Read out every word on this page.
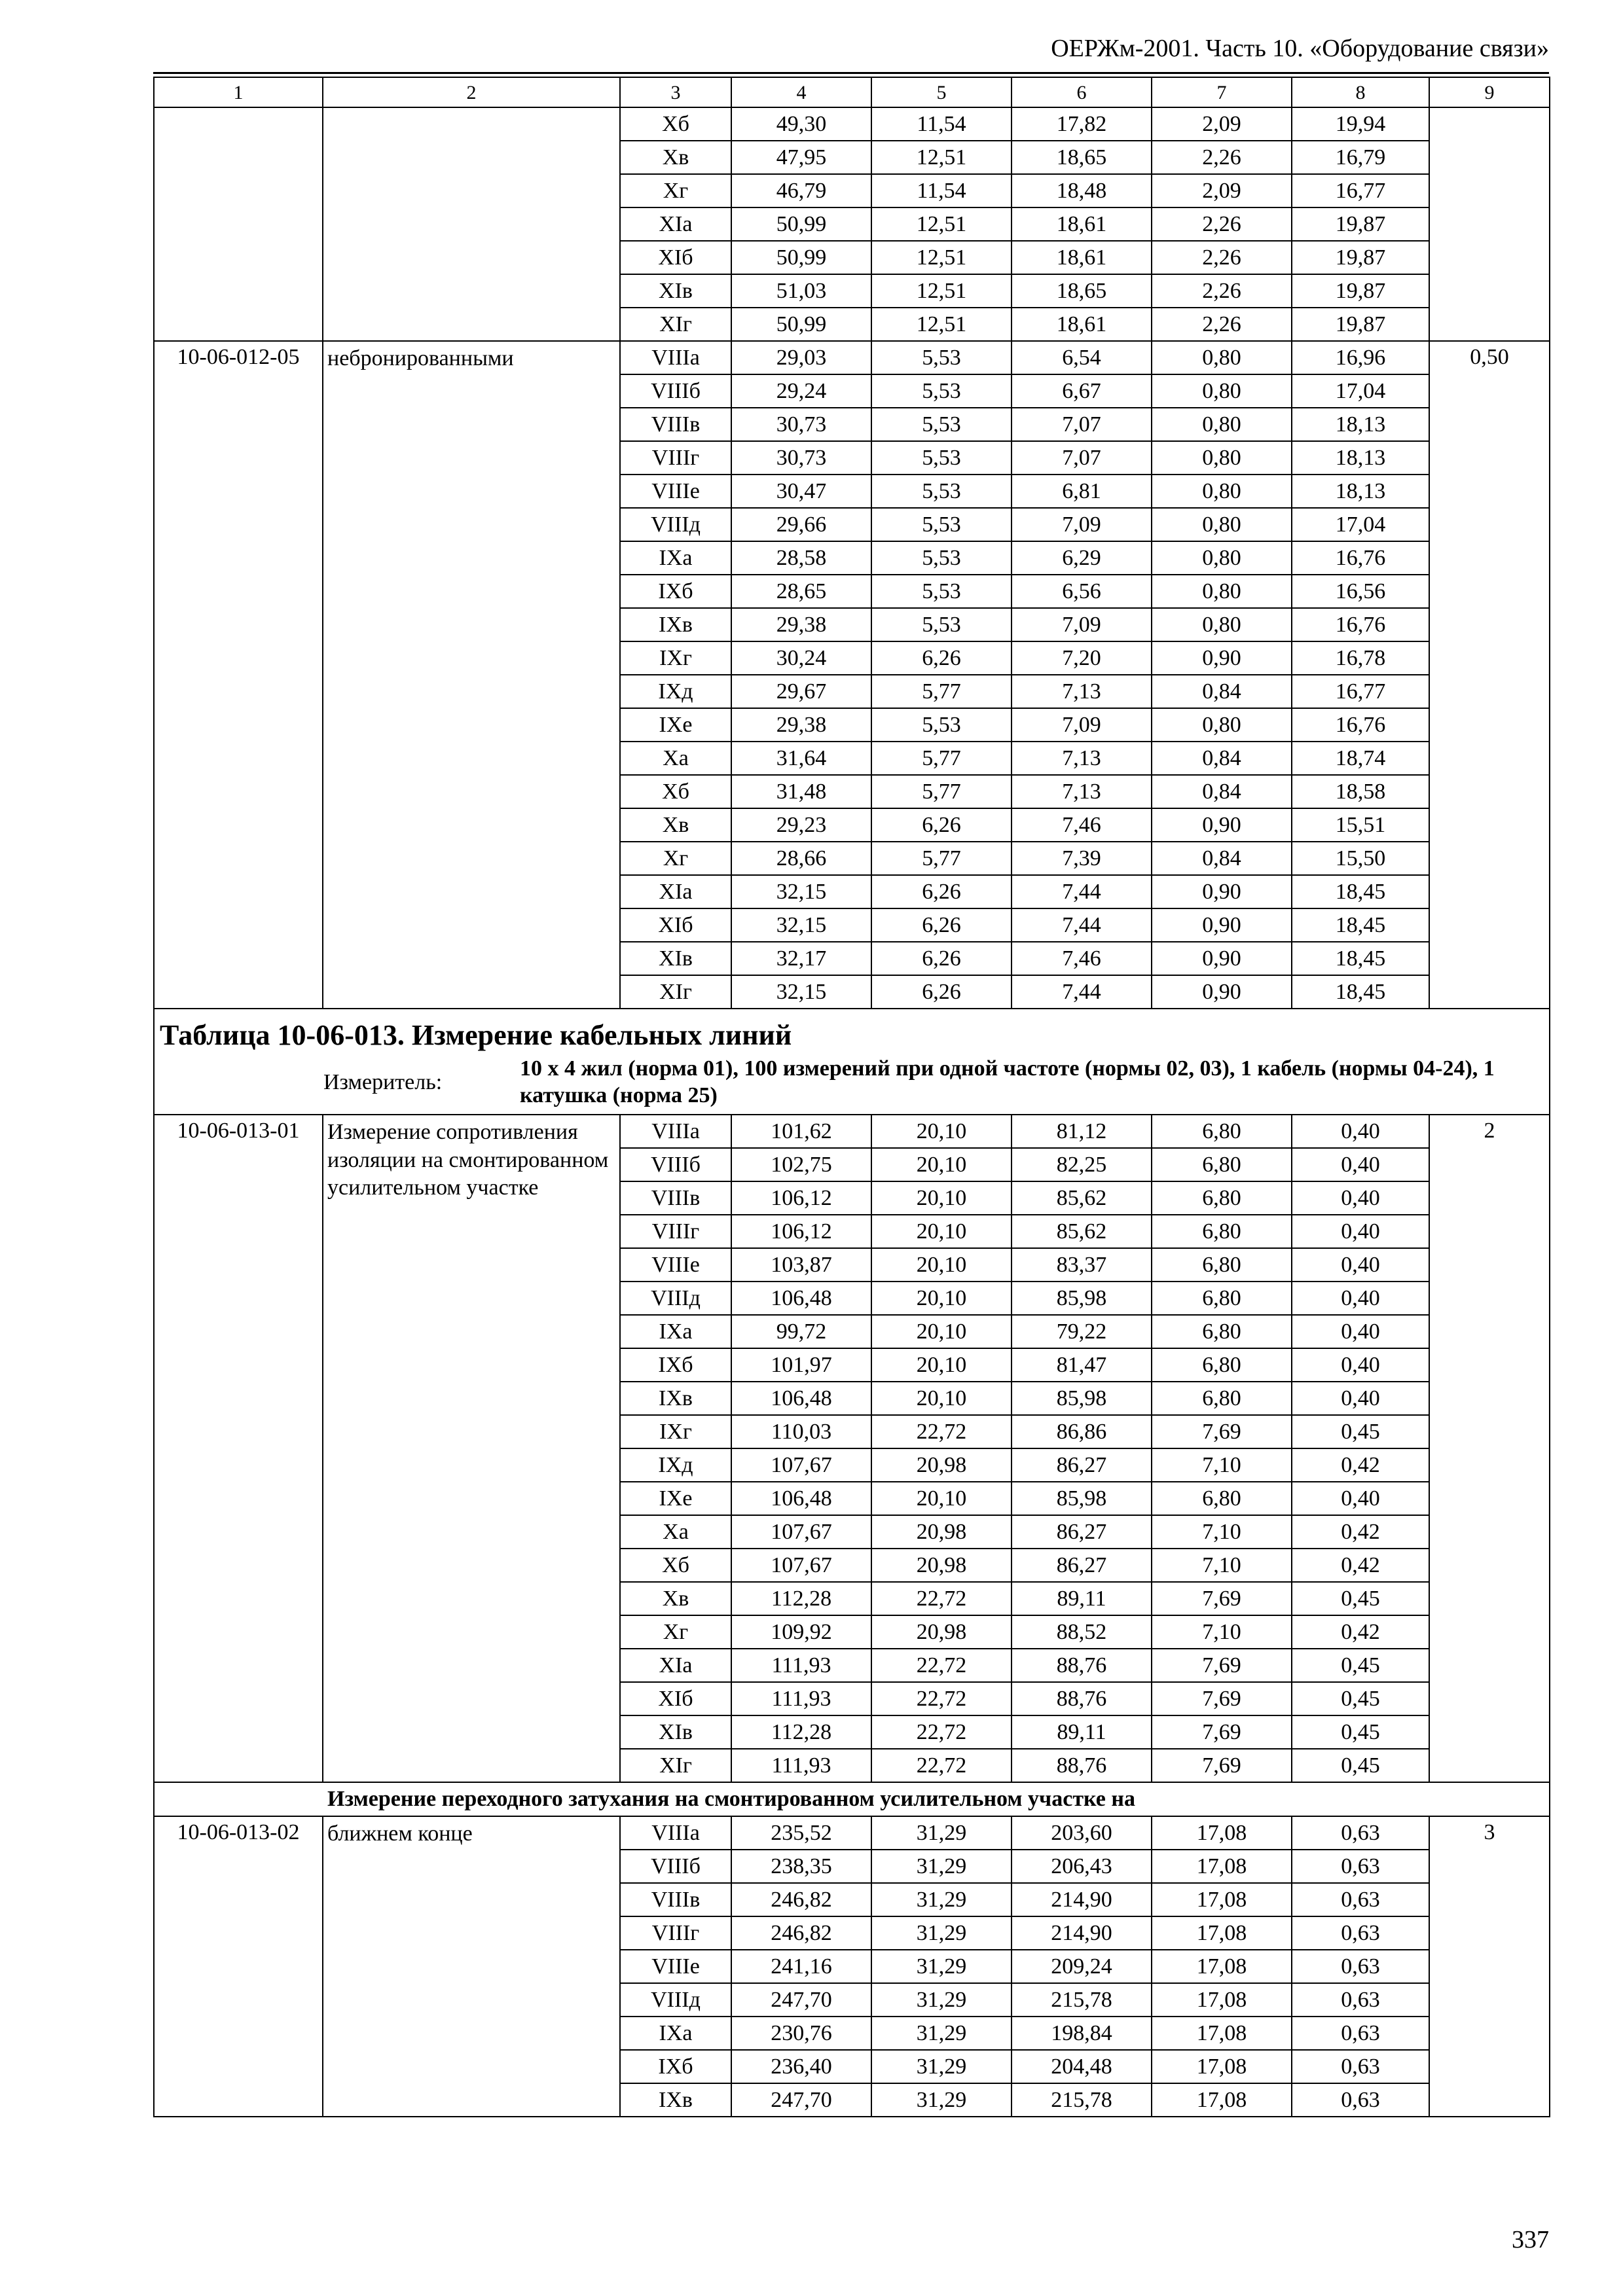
ОЕРЖм-2001. Часть 10. «Оборудование связи»
1	2	3	4	5	6	7	8	9
		Xб	49,30	11,54	17,82	2,09	19,94	
		Xв	47,95	12,51	18,65	2,26	16,79	
		Xг	46,79	11,54	18,48	2,09	16,77	
		XIa	50,99	12,51	18,61	2,26	19,87	
		XIб	50,99	12,51	18,61	2,26	19,87	
		XIв	51,03	12,51	18,65	2,26	19,87	
		XIг	50,99	12,51	18,61	2,26	19,87	
10-06-012-05	небронированными	VIIIa	29,03	5,53	6,54	0,80	16,96	0,50
		VIIIб	29,24	5,53	6,67	0,80	17,04	
		VIIIв	30,73	5,53	7,07	0,80	18,13	
		VIIIг	30,73	5,53	7,07	0,80	18,13	
		VIIIe	30,47	5,53	6,81	0,80	18,13	
		VIIIд	29,66	5,53	7,09	0,80	17,04	
		IXa	28,58	5,53	6,29	0,80	16,76	
		IXб	28,65	5,53	6,56	0,80	16,56	
		IXв	29,38	5,53	7,09	0,80	16,76	
		IXг	30,24	6,26	7,20	0,90	16,78	
		IXд	29,67	5,77	7,13	0,84	16,77	
		IXe	29,38	5,53	7,09	0,80	16,76	
		Xa	31,64	5,77	7,13	0,84	18,74	
		Xб	31,48	5,77	7,13	0,84	18,58	
		Xв	29,23	6,26	7,46	0,90	15,51	
		Xг	28,66	5,77	7,39	0,84	15,50	
		XIa	32,15	6,26	7,44	0,90	18,45	
		XIб	32,15	6,26	7,44	0,90	18,45	
		XIв	32,17	6,26	7,46	0,90	18,45	
		XIг	32,15	6,26	7,44	0,90	18,45	
Таблица 10-06-013. Измерение кабельных линий								

Измеритель:
10 х 4 жил (норма 01), 100 измерений при одной частоте (нормы 02, 03), 1 кабель (нормы 04-24), 1 катушка (норма 25)								

10-06-013-01	Измерение сопротивления изоляции на смонтированном усилительном участке	VIIIa	101,62	20,10	81,12	6,80	0,40	2
		VIIIб	102,75	20,10	82,25	6,80	0,40	
		VIIIв	106,12	20,10	85,62	6,80	0,40	
		VIIIг	106,12	20,10	85,62	6,80	0,40	
		VIIIe	103,87	20,10	83,37	6,80	0,40	
		VIIIд	106,48	20,10	85,98	6,80	0,40	
		IXa	99,72	20,10	79,22	6,80	0,40	
		IXб	101,97	20,10	81,47	6,80	0,40	
		IXв	106,48	20,10	85,98	6,80	0,40	
		IXг	110,03	22,72	86,86	7,69	0,45	
		IXд	107,67	20,98	86,27	7,10	0,42	
		IXe	106,48	20,10	85,98	6,80	0,40	
		Xa	107,67	20,98	86,27	7,10	0,42	
		Xб	107,67	20,98	86,27	7,10	0,42	
		Xв	112,28	22,72	89,11	7,69	0,45	
		Xг	109,92	20,98	88,52	7,10	0,42	
		XIa	111,93	22,72	88,76	7,69	0,45	
		XIб	111,93	22,72	88,76	7,69	0,45	
		XIв	112,28	22,72	89,11	7,69	0,45	
		XIг	111,93	22,72	88,76	7,69	0,45	
Измерение переходного затухания на смонтированном усилительном участке на								
10-06-013-02	ближнем конце	VIIIa	235,52	31,29	203,60	17,08	0,63	3
		VIIIб	238,35	31,29	206,43	17,08	0,63	
		VIIIв	246,82	31,29	214,90	17,08	0,63	
		VIIIг	246,82	31,29	214,90	17,08	0,63	
		VIIIe	241,16	31,29	209,24	17,08	0,63	
		VIIIд	247,70	31,29	215,78	17,08	0,63	
		IXa	230,76	31,29	198,84	17,08	0,63	
		IXб	236,40	31,29	204,48	17,08	0,63	
		IXв	247,70	31,29	215,78	17,08	0,63	
337
